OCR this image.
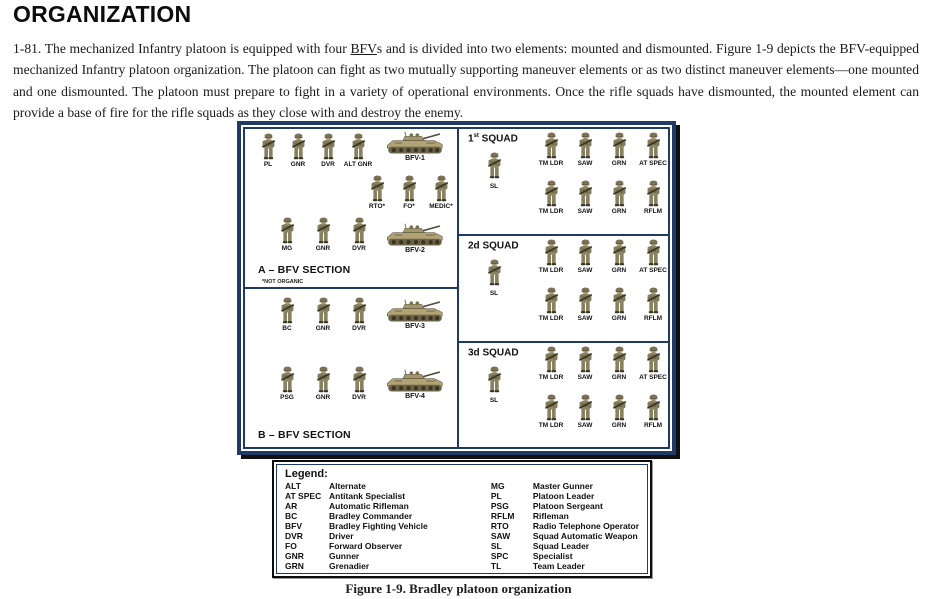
ORGANIZATION

1-81. The mechanized Infantry platoon is equipped with four BFVs and is divided into two elements: mounted and dismounted. Figure 1-9 depicts the BFV-equipped mechanized Infantry platoon organization. The platoon can fight as two mutually supporting maneuver elements or as two distinct maneuver elements—one mounted and one dismounted. The platoon must prepare to fight in a variety of operational environments. Once the rifle squads have dismounted, the mounted element can provide a base of fire for the rifle squads as they close with and destroy the enemy.

PL	GNR DVR ALT GNR
BFV-1
RTO*	FO* MEDIC*
MG	GNR	DVR	BFV-2
A – BFV SECTION
*NOT ORGANIC
BC	GNR	DVR	BFV-3
PSG	GNR	DVR	BFV-4
B – BFV SECTION
1st SQUAD
SL
TM LDR SAW	GRN AT SPEC
TM LDR SAW	GRN	RFLM
2d SQUAD
SL
TM LDR SAW	GRN AT SPEC
TM LDR SAW	GRN	RFLM
3d SQUAD
SL
TM LDR SAW	GRN AT SPEC
TM LDR SAW	GRN	RFLM
Legend:
ALT	Alternate
AT SPEC Antitank Specialist
AR	Automatic Rifleman
BC	Bradley Commander
BFV	Bradley Fighting Vehicle
DVR	Driver
FO	Forward Observer
GNR	Gunner
GRN	Grenadier
MG	Master Gunner
PL	Platoon Leader
PSG	Platoon Sergeant
RFLM	Rifleman
RTO	Radio Telephone Operator
SAW	Squad Automatic Weapon
SL	Squad Leader
SPC	Specialist
TL	Team Leader
Figure 1-9. Bradley platoon organization
